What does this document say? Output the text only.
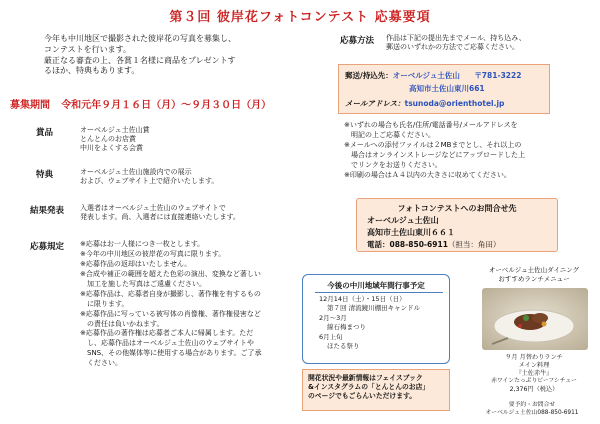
第３回 彼岸花フォトコンテスト 応募要項
今年も中川地区で撮影された彼岸花の写真を募集し、
コンテストを行います。
厳正なる審査の上、各賞１名様に商品をプレゼントす
るほか、特典もあります。
募集期間 令和元年９月１６日（月）～９月３０日（月）
賞品	オーベルジュ土佐山賞
とんとんのお店賞
中川をよくする会賞
特典	オーベルジュ土佐山施設内での展示
および、ウェブサイト上で紹介いたします。
結果発表 入選者はオーベルジュ土佐山のウェブサイトで
発表します。尚、入選者には直接連絡いたします。
応募規定 ※応募はお一人様につき一枚とします。
※今年の中川地区の彼岸花の写真に限ります。
※応募作品の返却はいたしません。
※合成や補正の範囲を超えた色彩の演出、変換など著しい
　加工を施した写真はご遠慮ください。
※応募作品は、応募者自身が撮影し、著作権を有するもの
　に限ります。
※応募作品に写っている被写体の肖像権、著作権侵害など
　の責任は負いかねます。
※応募作品の著作権は応募者ご本人に帰属します。ただ
　し、応募作品はオーベルジュ土佐山のウェブサイトや
　SNS、その他媒体等に使用する場合があります。ご了承
　ください。
応募方法 作品は下記の提出先までメール、持ち込み、
郵送のいずれかの方法でご応募ください。
郵送/持込先：オーベルジュ土佐山 〒781-3222
高知市土佐山東川661
メールアドレス：tsunoda@orienthotel.jp
※いずれの場合も氏名/住所/電話番号/メールアドレスを
　明記の上ご応募ください。
※メールへの添付ファイルは２MBまでとし、それ以上の
　場合はオンラインストレージなどにアップロードした上
　でリンクをお送りください。
※印刷の場合はＡ４以内の大きさに収めてください。
フォトコンテストへのお問合せ先
オーベルジュ土佐山
高知市土佐山東川６６１
電話：088-850-6911（担当：角田）
今後の中川地域年間行事予定
12月14日（土）・15日（日）
第７回 清流鏡川棚田キャンドル
2月～3月
線石梅まつり
6月上旬
ほたる祭り
開花状況や最新情報はフェイスブック
&インスタグラムの「とんとんのお店」
のページでもごらんいただけます。
オーベルジュ土佐山ダイニング
おすすめランチメニュー
９月 月替わりランチ
メイン料理
『土佐赤牛』
赤ワインたっぷりビーフシチュー
2,376円（税込）
要予約・お問合せ
オーベルジュ土佐山088-850-6911
